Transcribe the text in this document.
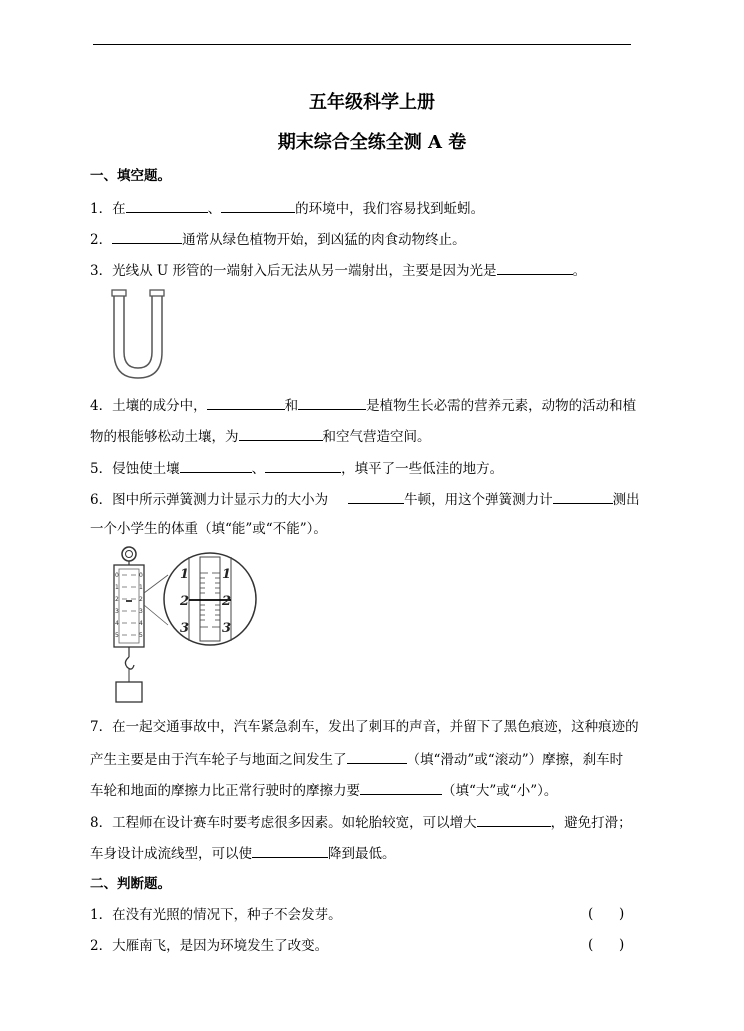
五年级科学上册
期末综合全练全测 A 卷
一、填空题。
1．在	、	的环境中，我们容易找到蚯蚓。
2．	通常从绿色植物开始，到凶猛的肉食动物终止。
3．光线从 U 形管的一端射入后无法从另一端射出，主要是因为光是	。
4．土壤的成分中，	和	是植物生长必需的营养元素，动物的活动和植
物的根能够松动土壤，为	和空气营造空间。
5．侵蚀使土壤	、	，填平了一些低洼的地方。
6．图中所示弹簧测力计显示力的大小为	牛顿，用这个弹簧测力计	测出
一个小学生的体重（填“能”或“不能”）。
0
1
2
3
4
5
0
1
2
3
4
5
1
2
3
1
2
3
7．在一起交通事故中，汽车紧急刹车，发出了刺耳的声音，并留下了黑色痕迹，这种痕迹的
产生主要是由于汽车轮子与地面之间发生了	（填“滑动”或“滚动”）摩擦，刹车时
车轮和地面的摩擦力比正常行驶时的摩擦力要	（填“大”或“小”）。
8．工程师在设计赛车时要考虑很多因素。如轮胎较宽，可以增大	，避免打滑；
车身设计成流线型，可以使	降到最低。
二、判断题。
1．在没有光照的情况下，种子不会发芽。	(      )
2．大雁南飞，是因为环境发生了改变。	(      )
